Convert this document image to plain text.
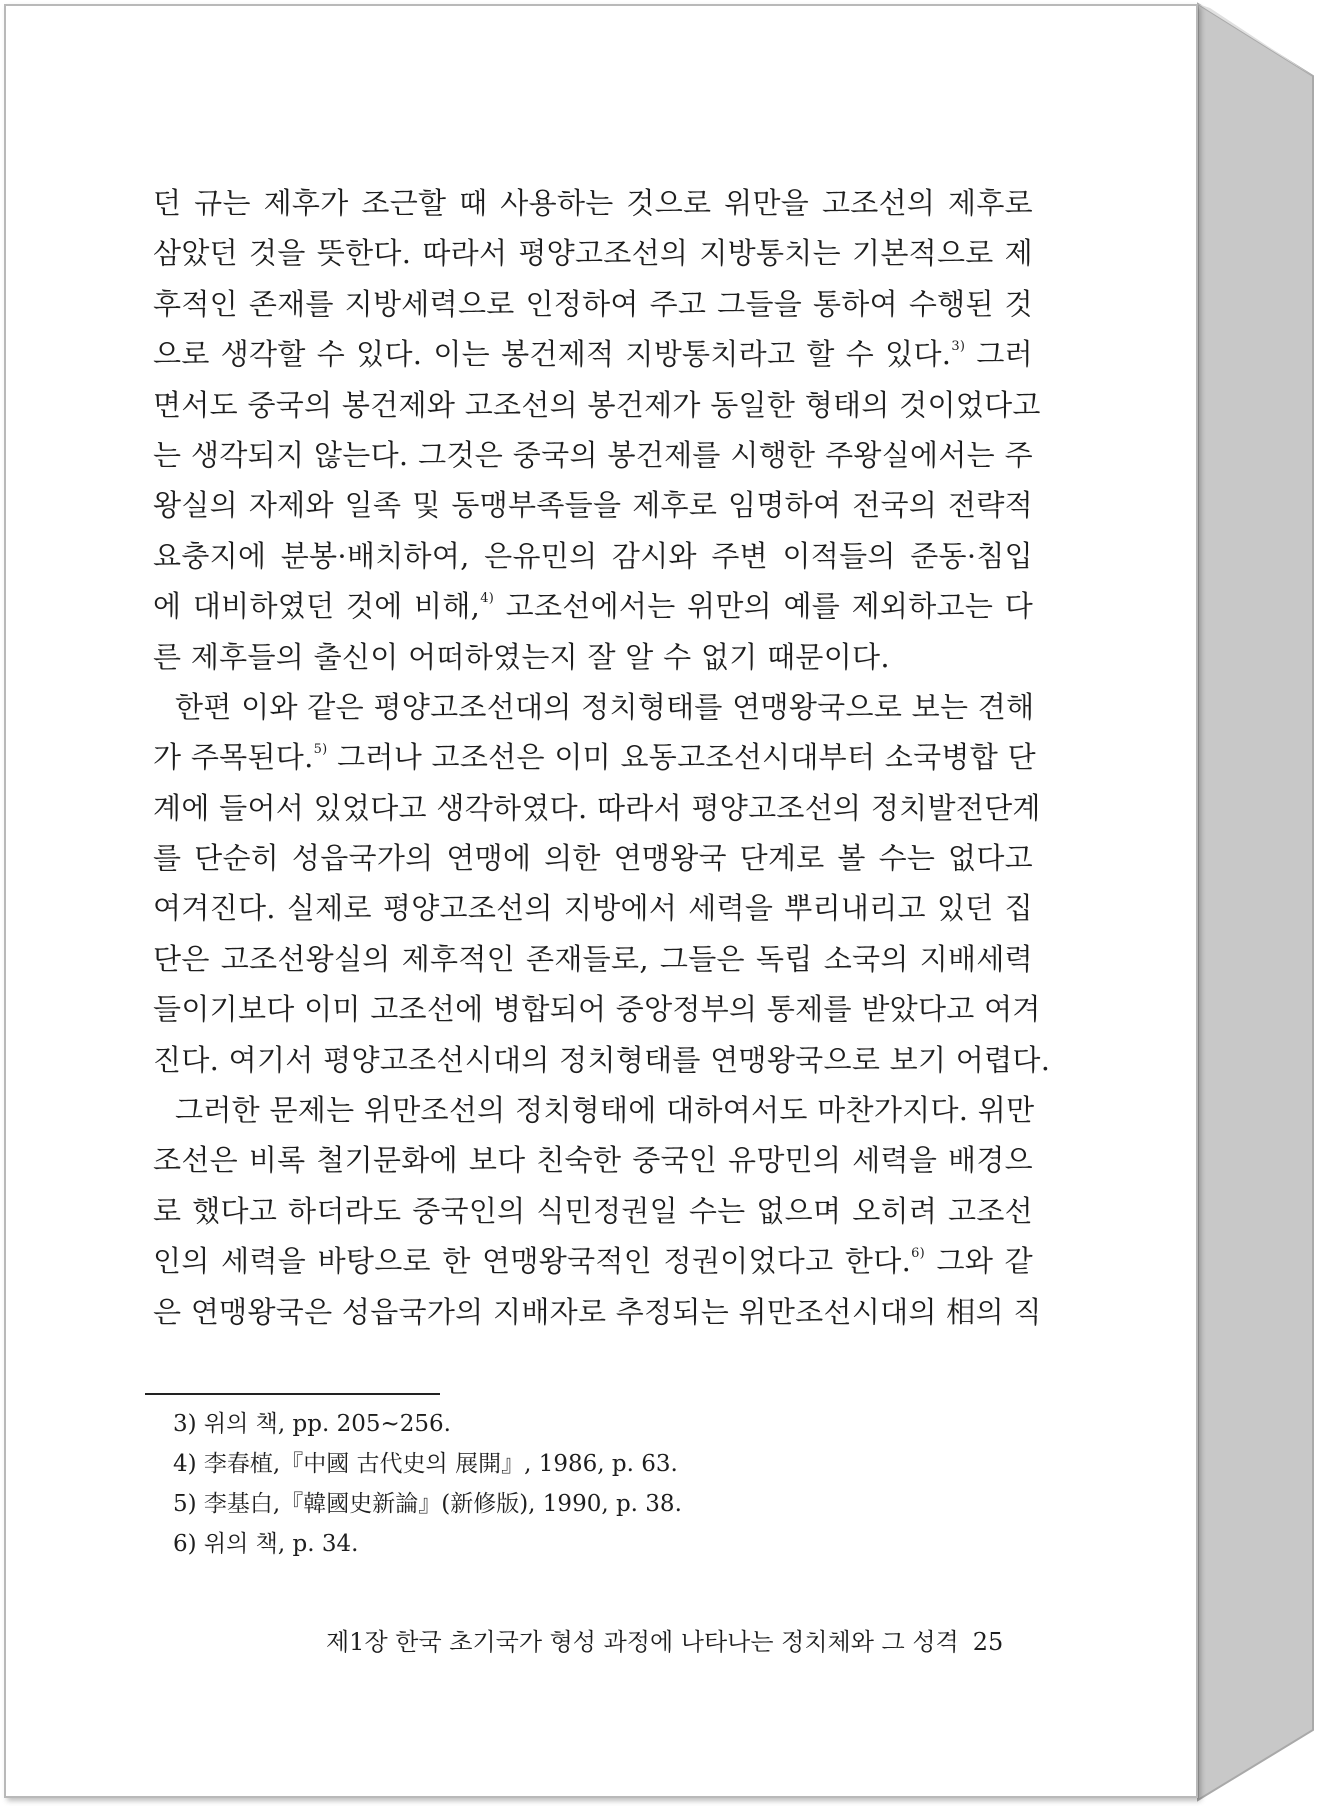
던 규는 제후가 조근할 때 사용하는 것으로 위만을 고조선의 제후로
삼았던 것을 뜻한다. 따라서 평양고조선의 지방통치는 기본적으로 제
후적인 존재를 지방세력으로 인정하여 주고 그들을 통하여 수행된 것
으로 생각할 수 있다. 이는 봉건제적 지방통치라고 할 수 있다.$^{3)}$ 그러
면서도 중국의 봉건제와 고조선의 봉건제가 동일한 형태의 것이었다고
는 생각되지 않는다. 그것은 중국의 봉건제를 시행한 주왕실에서는 주
왕실의 자제와 일족 및 동맹부족들을 제후로 임명하여 전국의 전략적
요충지에 분봉·배치하여, 은유민의 감시와 주변 이적들의 준동·침입
에 대비하였던 것에 비해,$^{4)}$ 고조선에서는 위만의 예를 제외하고는 다
른 제후들의 출신이 어떠하였는지 잘 알 수 없기 때문이다.
한편 이와 같은 평양고조선대의 정치형태를 연맹왕국으로 보는 견해
가 주목된다.$^{5)}$ 그러나 고조선은 이미 요동고조선시대부터 소국병합 단
계에 들어서 있었다고 생각하였다. 따라서 평양고조선의 정치발전단계
를 단순히 성읍국가의 연맹에 의한 연맹왕국 단계로 볼 수는 없다고
여겨진다. 실제로 평양고조선의 지방에서 세력을 뿌리내리고 있던 집
단은 고조선왕실의 제후적인 존재들로, 그들은 독립 소국의 지배세력
들이기보다 이미 고조선에 병합되어 중앙정부의 통제를 받았다고 여겨
진다. 여기서 평양고조선시대의 정치형태를 연맹왕국으로 보기 어렵다.
그러한 문제는 위만조선의 정치형태에 대하여서도 마찬가지다. 위만
조선은 비록 철기문화에 보다 친숙한 중국인 유망민의 세력을 배경으
로 했다고 하더라도 중국인의 식민정권일 수는 없으며 오히려 고조선
인의 세력을 바탕으로 한 연맹왕국적인 정권이었다고 한다.$^{6)}$ 그와 같
은 연맹왕국은 성읍국가의 지배자로 추정되는 위만조선시대의 相의 직
3) 위의 책, pp. 205~256.
4) 李春植,『中國 古代史의 展開』, 1986, p. 63.
5) 李基白,『韓國史新論』(新修版), 1990, p. 38.
6) 위의 책, p. 34.
제1장 한국 초기국가 형성 과정에 나타나는 정치체와 그 성격 25
